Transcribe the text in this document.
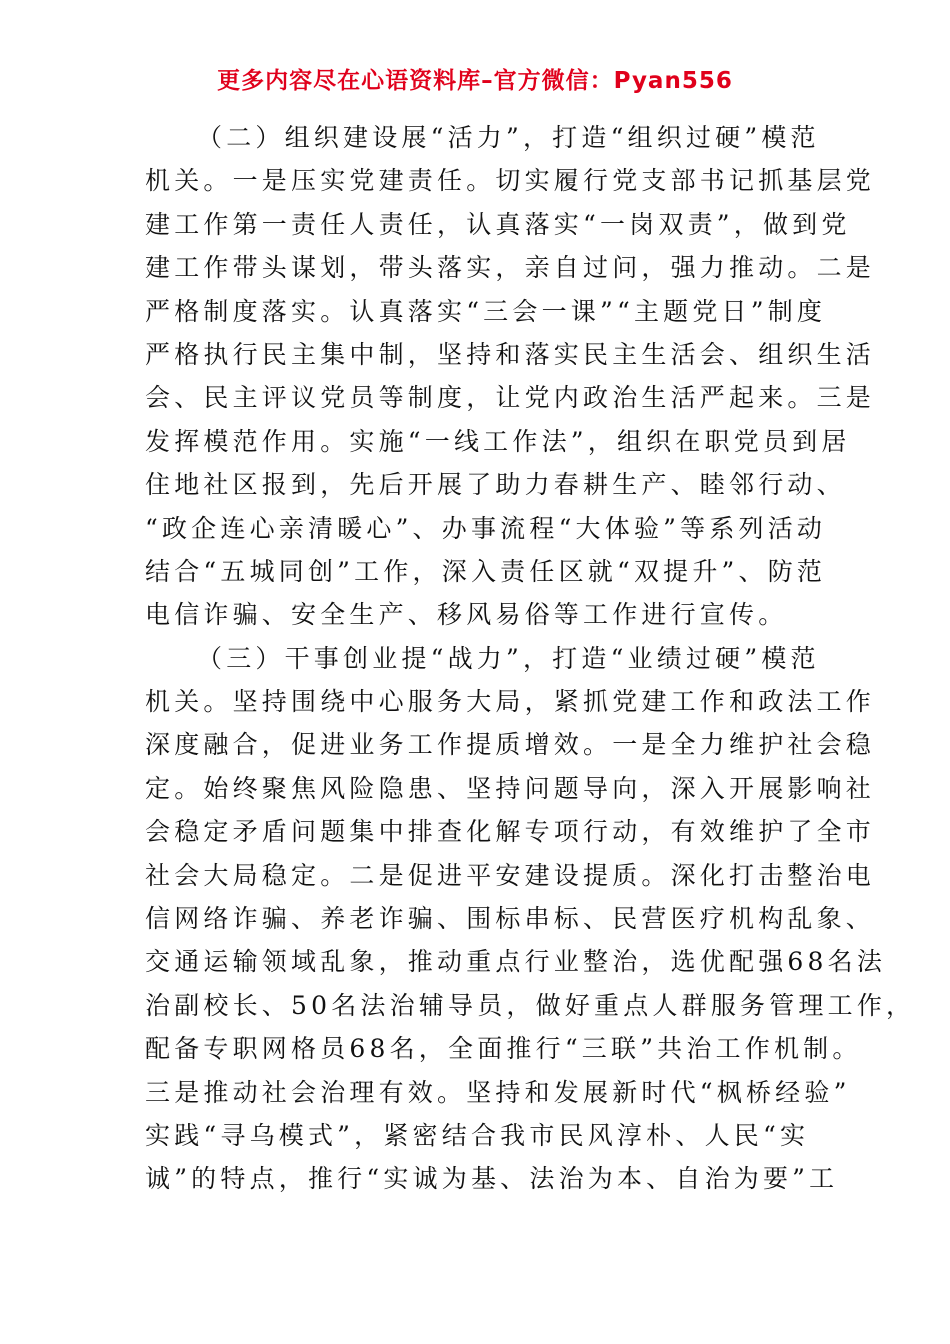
更多内容尽在心语资料库–官方微信：Pyan556
（二）组织建设展“活力”，打造“组织过硬”模范
机关。一是压实党建责任。切实履行党支部书记抓基层党
建工作第一责任人责任，认真落实“一岗双责”，做到党
建工作带头谋划，带头落实，亲自过问，强力推动。二是
严格制度落实。认真落实“三会一课”“主题党日”制度
严格执行民主集中制，坚持和落实民主生活会、组织生活
会、民主评议党员等制度，让党内政治生活严起来。三是
发挥模范作用。实施“一线工作法”，组织在职党员到居
住地社区报到，先后开展了助力春耕生产、睦邻行动、
“政企连心亲清暖心”、办事流程“大体验”等系列活动
结合“五城同创”工作，深入责任区就“双提升”、防范
电信诈骗、安全生产、移风易俗等工作进行宣传。
（三）干事创业提“战力”，打造“业绩过硬”模范
机关。坚持围绕中心服务大局，紧抓党建工作和政法工作
深度融合，促进业务工作提质增效。一是全力维护社会稳
定。始终聚焦风险隐患、坚持问题导向，深入开展影响社
会稳定矛盾问题集中排查化解专项行动，有效维护了全市
社会大局稳定。二是促进平安建设提质。深化打击整治电
信网络诈骗、养老诈骗、围标串标、民营医疗机构乱象、
交通运输领域乱象，推动重点行业整治，选优配强68名法
治副校长、50名法治辅导员，做好重点人群服务管理工作，
配备专职网格员68名，全面推行“三联”共治工作机制。
三是推动社会治理有效。坚持和发展新时代“枫桥经验”
实践“寻乌模式”，紧密结合我市民风淳朴、人民“实
诚”的特点，推行“实诚为基、法治为本、自治为要”工
